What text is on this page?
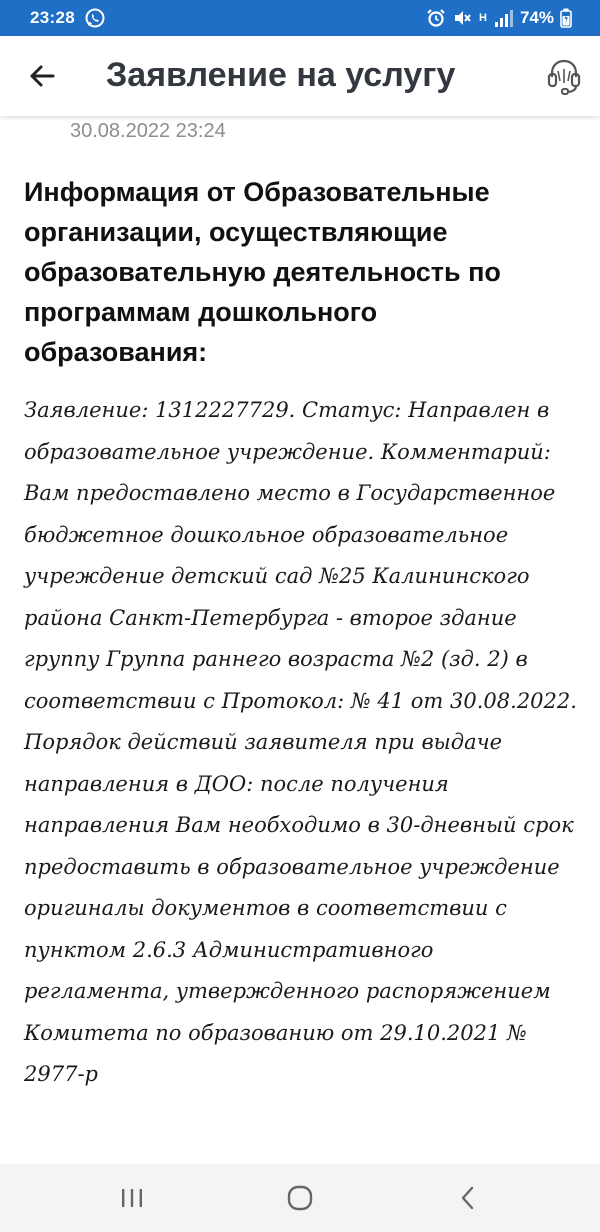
23:28	H 74%
Заявление на услугу
30.08.2022 23:24
Информация от Образовательные организации, осуществляющие образовательную деятельность по программам дошкольного образования:
Заявление: 1312227729. Статус: Направлен в образовательное учреждение. Комментарий: Вам предоставлено место в Государственное бюджетное дошкольное образовательное учреждение детский сад №25 Калининского района Санкт-Петербурга - второе здание группу Группа раннего возраста №2 (зд. 2) в соответствии с Протокол: № 41 от 30.08.2022. Порядок действий заявителя при выдаче направления в ДОО: после получения направления Вам необходимо в 30-дневный срок предоставить в образовательное учреждение оригиналы документов в соответствии с пунктом 2.6.3 Административного регламента, утвержденного распоряжением Комитета по образованию от 29.10.2021 № 2977-р
